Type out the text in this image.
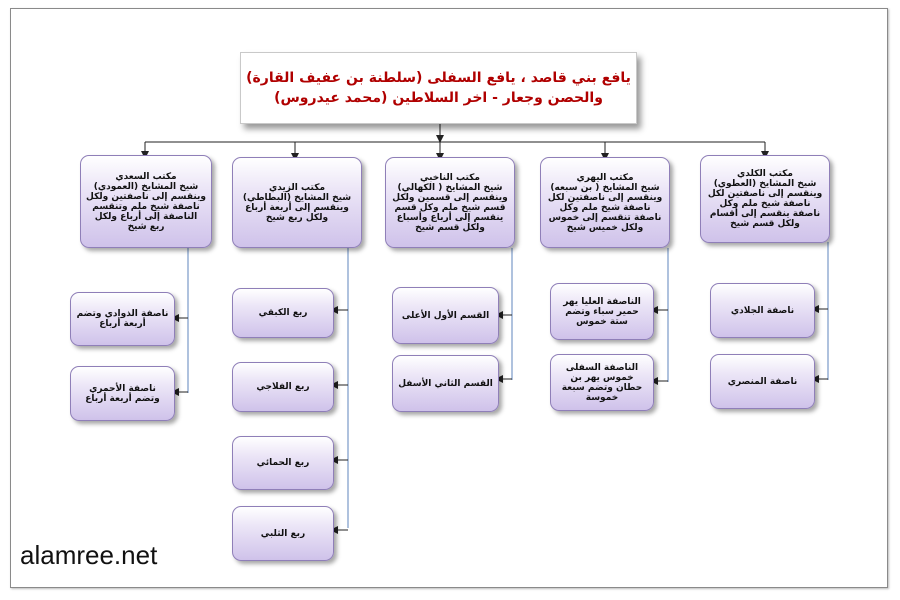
يافع بني قاصد ، يافع السفلى (سلطنة بن عفيف القارة)
والحصن وجعار - اخر السلاطين (محمد عيدروس)
مكتب الكلدي
شيخ المشايخ (العطوي) وينقسم إلى ناصفتين لكل ناصفة شيخ ملم وكل ناصفة ينقسم إلى أقسام ولكل قسم شيخ
مكتب اليهري
شيخ المشايخ ( بن سبعه) وينقسم إلى ناصفتين لكل ناصفة شيخ ملم وكل ناصفة تنقسم إلى خموس ولكل خميس شيخ
مكتب الناخبي
شيخ المشايخ ( الكهالي) وينقسم إلى قسمين ولكل قسم شيخ ملم وكل قسم ينقسم إلى أرباع وأسباع ولكل قسم شيخ
مكتب الزيدي
شيخ المشايخ (البطاطي) وينقسم إلى أربعة أرباع ولكل ربع شيخ
مكتب السعدي
شيخ المشايخ (العمودي) وينقسم إلى ناصفتين ولكل ناصفة شيخ ملم وتنقسم الناصفة إلى أرباع ولكل ربع شيخ
ناصفة الجلادي
ناصفة المنصري
الناصفة العليا يهر حمير سباء وتضم ستة خموس
الناصفة السفلى خموس يهر بن حطان وتضم سبعة خموسة
القسم الأول الأعلى
القسم الثاني الأسفل
ربع الكبقي
ربع الفلاجي
ربع الحمائي
ربع الثلبي
ناصفة الذوادي وتضم أربعة أرباع
ناصفة الأحمري وتضم أربعة أرباع
alamree.net
